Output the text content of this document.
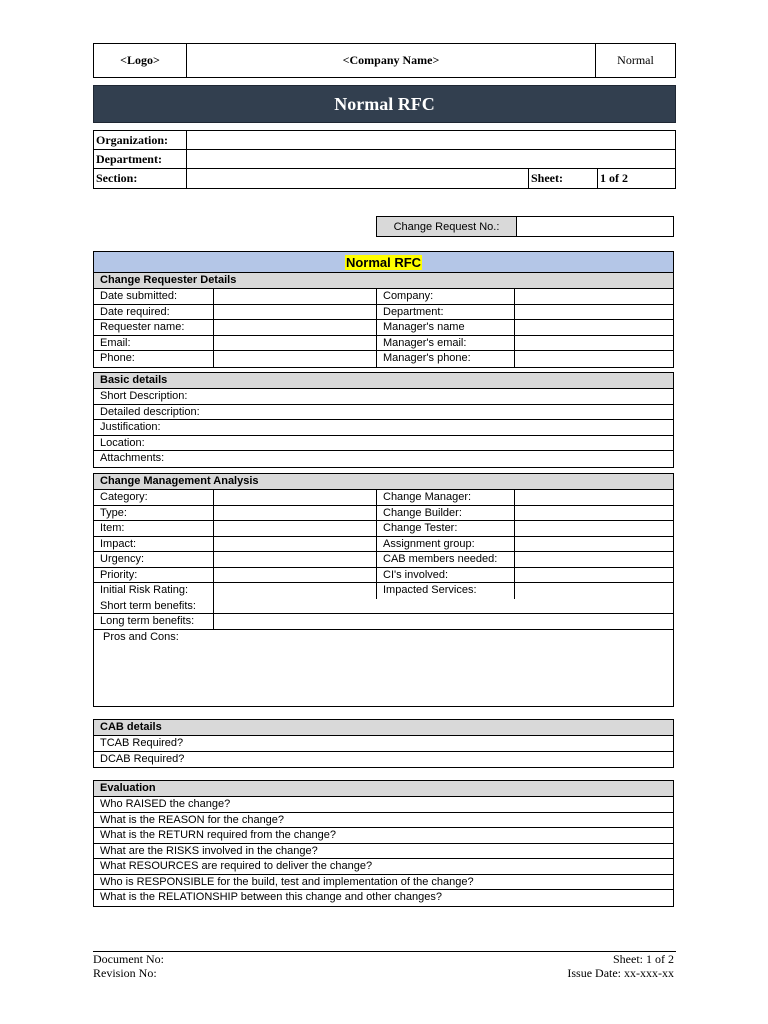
<Logo>	<Company Name>	Normal
Normal RFC
Organization:
Department:
Section:	Sheet:	1 of 2
Change Request No.:
Normal RFC
Change Requester Details
Date submitted:	Company:
Date required:	Department:
Requester name:	Manager's name
Email:	Manager's email:
Phone:	Manager's phone:
Basic details
Short Description:
Detailed description:
Justification:
Location:
Attachments:
Change Management Analysis
Category:	Change Manager:
Type:	Change Builder:
Item:	Change Tester:
Impact:	Assignment group:
Urgency:	CAB members needed:
Priority:	CI's involved:
Initial Risk Rating:	Impacted Services:
Short term benefits:
Long term benefits:
Pros and Cons:
CAB details
TCAB Required?
DCAB Required?
Evaluation
Who RAISED the change?
What is the REASON for the change?
What is the RETURN required from the change?
What are the RISKS involved in the change?
What RESOURCES are required to deliver the change?
Who is RESPONSIBLE for the build, test and implementation of the change?
What is the RELATIONSHIP between this change and other changes?
Document No:
Revision No:
Sheet: 1 of 2
Issue Date: xx-xxx-xx
